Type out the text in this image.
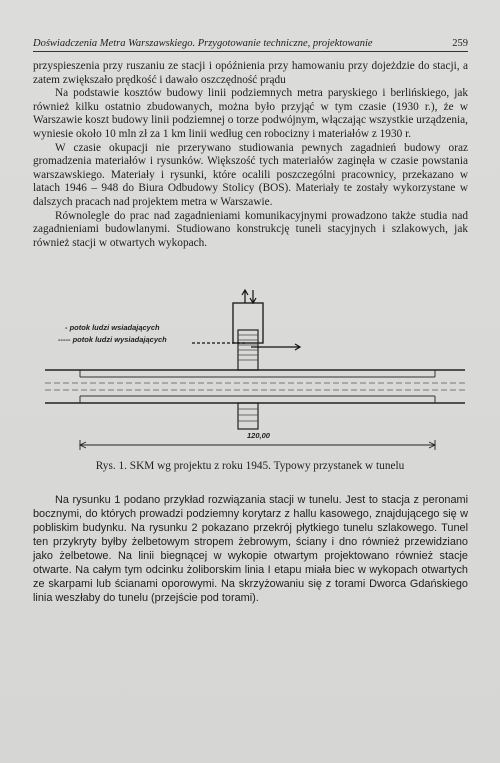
Doświadczenia Metra Warszawskiego. Przygotowanie techniczne, projektowanie	259

przyspieszenia przy ruszaniu ze stacji i opóźnienia przy hamowaniu przy dojeżdzie do stacji, a zatem zwiększało prędkość i dawało oszczędność prądu

Na podstawie kosztów budowy linii podziemnych metra paryskiego i berlińskiego, jak również kilku ostatnio zbudowanych, można było przyjąć w tym czasie (1930 r.), że w Warszawie koszt budowy linii podziemnej o torze podwójnym, włączając wszystkie urządzenia, wyniesie około 10 mln zł za 1 km linii według cen robocizny i materiałów z 1930 r.

W czasie okupacji nie przerywano studiowania pewnych zagadnień budowy oraz gromadzenia materiałów i rysunków. Większość tych materiałów zaginęła w czasie powstania warszawskiego. Materiały i rysunki, które ocalili poszczególni pracownicy, przekazano w latach 1946 – 948 do Biura Odbudowy Stolicy (BOS). Materiały te zostały wykorzystane w dalszych pracach nad projektem metra w Warszawie.

Równolegle do prac nad zagadnieniami komunikacyjnymi prowadzono także studia nad zagadnieniami budowlanymi. Studiowano konstrukcję tuneli stacyjnych i szlakowych, jak również stacji w otwartych wykopach.

- potok ludzi wsiadających
----- potok ludzi wysiadających
120,00
Rys. 1. SKM wg projektu z roku 1945. Typowy przystanek w tunelu

Na rysunku 1 podano przykład rozwiązania stacji w tunelu. Jest to stacja z peronami bocznymi, do których prowadzi podziemny korytarz z hallu kasowego, znajdującego się w pobliskim budynku. Na rysunku 2 pokazano przekrój płytkiego tunelu szlakowego. Tunel ten przykryty byłby żelbetowym stropem żebrowym, ściany i dno również przewidziano jako żelbetowe. Na linii biegnącej w wykopie otwartym projektowano również stacje otwarte. Na całym tym odcinku żoliborskim linia I etapu miała biec w wykopach otwartych ze skarpami lub ścianami oporowymi. Na skrzyżowaniu się z torami Dworca Gdańskiego linia weszłaby do tunelu (przejście pod torami).
